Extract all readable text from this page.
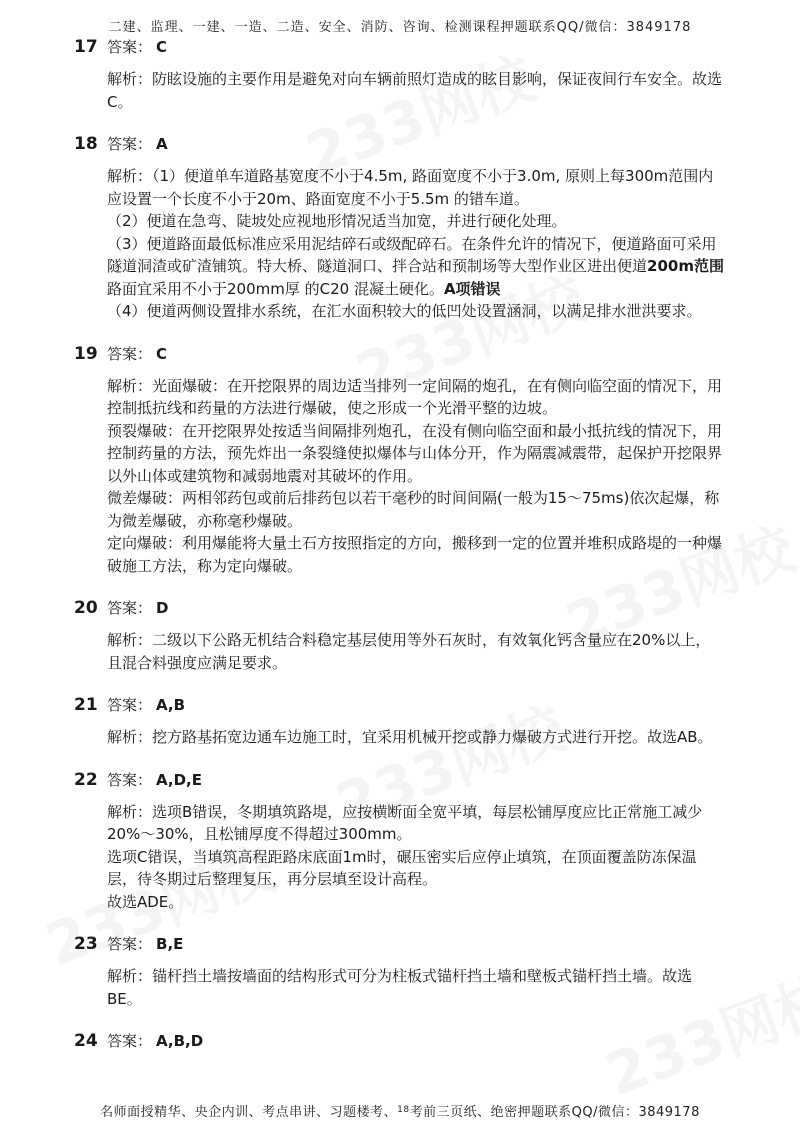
二建、监理、一建、一造、二造、安全、消防、咨询、检测课程押题联系QQ/微信：3849178
17 答案： C

解析：防眩设施的主要作用是避免对向车辆前照灯造成的眩目影响，保证夜间行车安全。故选C。

18 答案： A

解析：（1）便道单车道路基宽度不小于4.5m, 路面宽度不小于3.0m, 原则上每300m范围内应设置一个长度不小于20m、路面宽度不小于5.5m 的错车道。

（2）便道在急弯、陡坡处应视地形情况适当加宽，并进行硬化处理。

（3）便道路面最低标准应采用泥结碎石或级配碎石。在条件允许的情况下，便道路面可采用隧道洞渣或矿渣铺筑。特大桥、隧道洞口、拌合站和预制场等大型作业区进出便道200m范围路面宜采用不小于200mm厚 的C20 混凝土硬化。A项错误

（4）便道两侧设置排水系统，在汇水面积较大的低凹处设置涵洞，以满足排水泄洪要求。

19 答案： C

解析：光面爆破：在开挖限界的周边适当排列一定间隔的炮孔，在有侧向临空面的情况下，用控制抵抗线和药量的方法进行爆破，使之形成一个光滑平整的边坡。

预裂爆破：在开挖限界处按适当间隔排列炮孔，在没有侧向临空面和最小抵抗线的情况下，用控制药量的方法，预先炸出一条裂缝使拟爆体与山体分开，作为隔震减震带，起保护开挖限界以外山体或建筑物和减弱地震对其破坏的作用。

微差爆破：两相邻药包或前后排药包以若干毫秒的时间间隔(一般为15～75ms)依次起爆，称为微差爆破，亦称毫秒爆破。

定向爆破：利用爆能将大量土石方按照指定的方向，搬移到一定的位置并堆积成路堤的一种爆破施工方法，称为定向爆破。

20 答案： D

解析：二级以下公路无机结合料稳定基层使用等外石灰时，有效氧化钙含量应在20%以上，且混合料强度应满足要求。

21 答案： A,B

解析：挖方路基拓宽边通车边施工时，宜采用机械开挖或静力爆破方式进行开挖。故选AB。

22 答案： A,D,E

解析：选项B错误，冬期填筑路堤，应按横断面全宽平填，每层松铺厚度应比正常施工减少20%～30%，且松铺厚度不得超过300mm。

选项C错误，当填筑高程距路床底面1m时，碾压密实后应停止填筑，在顶面覆盖防冻保温层，待冬期过后整理复压，再分层填至设计高程。

故选ADE。

23 答案： B,E

解析：锚杆挡土墙按墙面的结构形式可分为柱板式锚杆挡土墙和壁板式锚杆挡土墙。故选BE。

24 答案： A,B,D
名师面授精华、央企内训、考点串讲、习题楼考、$^{18}$考前三页纸、绝密押题联系QQ/微信：3849178
